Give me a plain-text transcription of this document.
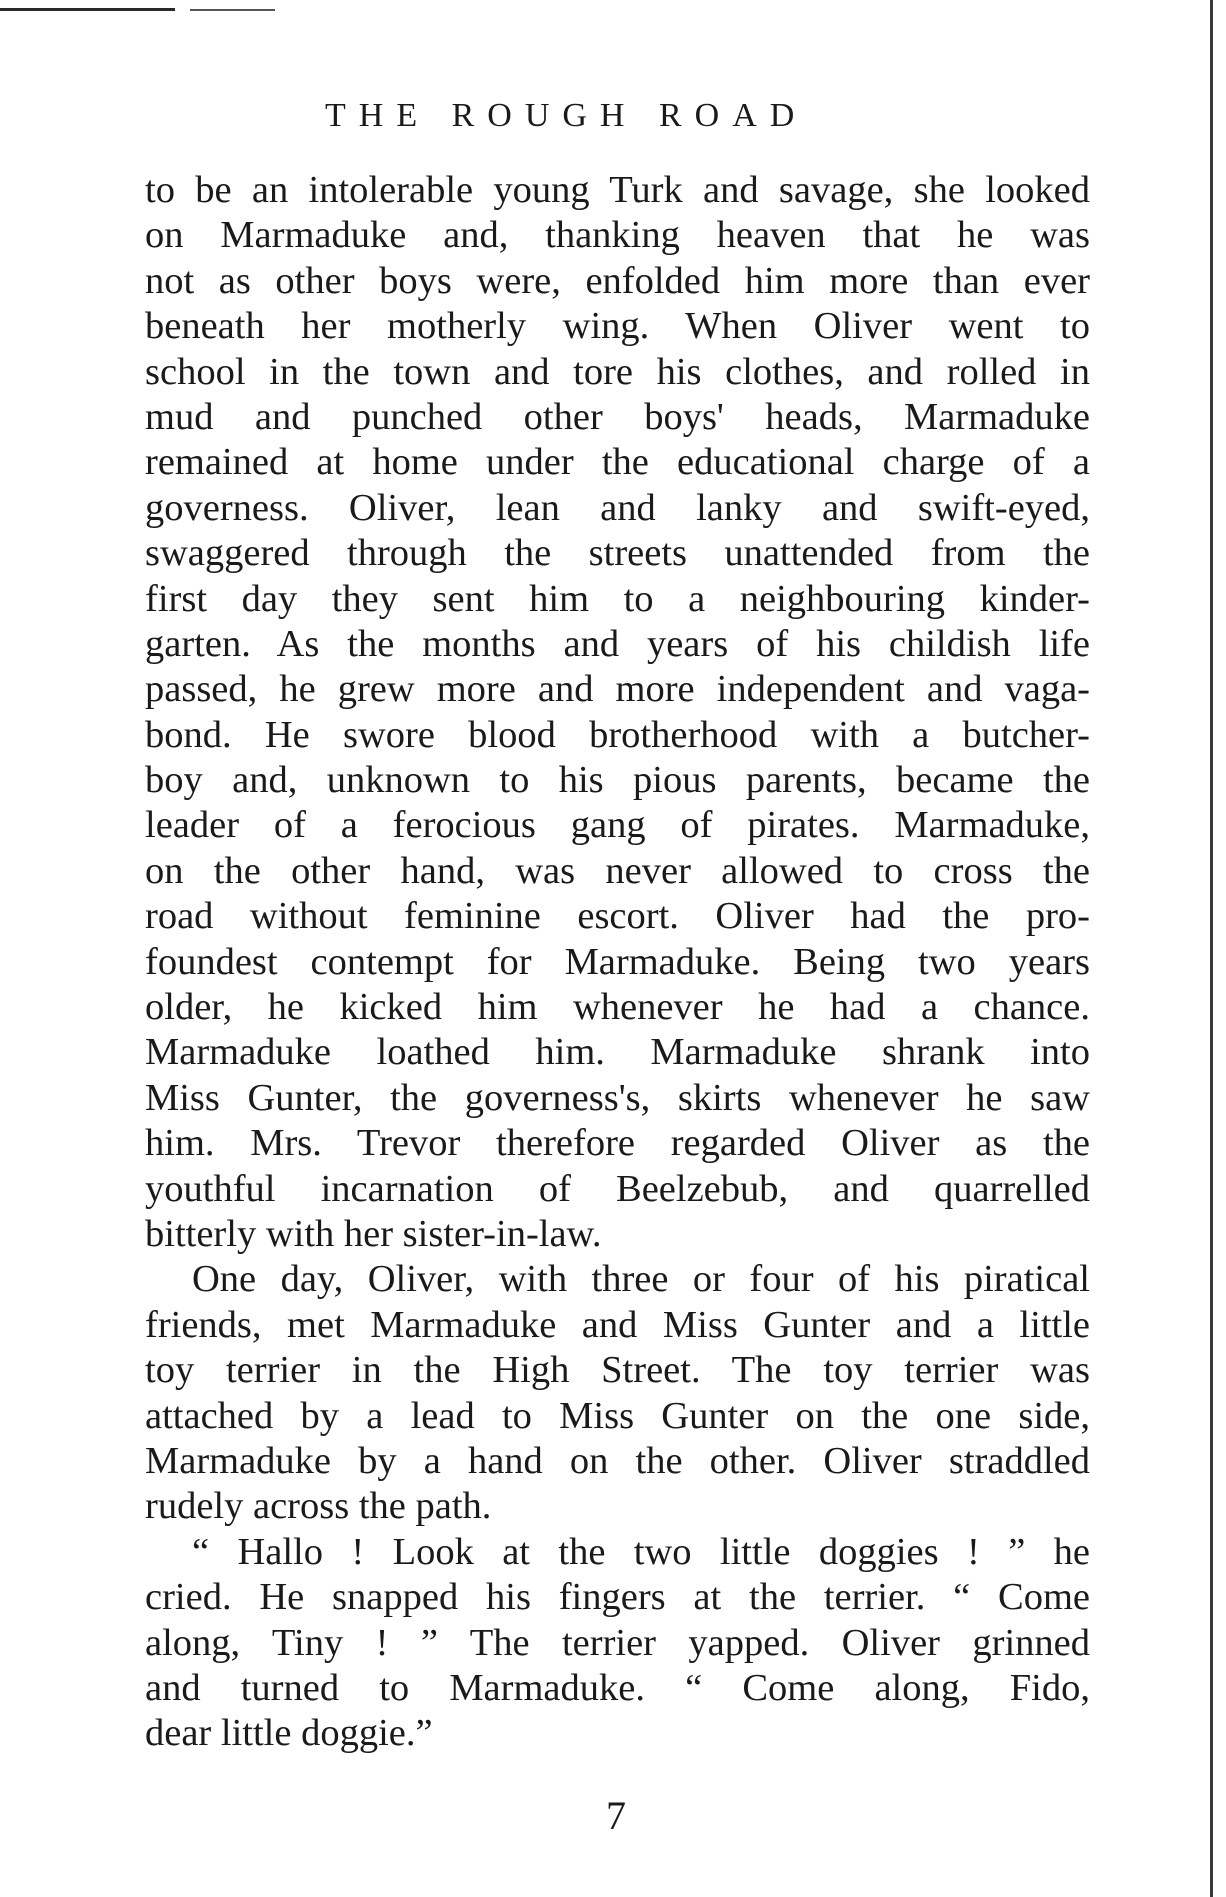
THE ROUGH ROAD
to be an intolerable young Turk and savage, she looked
on Marmaduke and, thanking heaven that he was
not as other boys were, enfolded him more than ever
beneath her motherly wing. When Oliver went to
school in the town and tore his clothes, and rolled in
mud and punched other boys' heads, Marmaduke
remained at home under the educational charge of a
governess. Oliver, lean and lanky and swift-eyed,
swaggered through the streets unattended from the
first day they sent him to a neighbouring kinder-
garten. As the months and years of his childish life
passed, he grew more and more independent and vaga-
bond. He swore blood brotherhood with a butcher-
boy and, unknown to his pious parents, became the
leader of a ferocious gang of pirates. Marmaduke,
on the other hand, was never allowed to cross the
road without feminine escort. Oliver had the pro-
foundest contempt for Marmaduke. Being two years
older, he kicked him whenever he had a chance.
Marmaduke loathed him. Marmaduke shrank into
Miss Gunter, the governess's, skirts whenever he saw
him. Mrs. Trevor therefore regarded Oliver as the
youthful incarnation of Beelzebub, and quarrelled
bitterly with her sister-in-law.
One day, Oliver, with three or four of his piratical
friends, met Marmaduke and Miss Gunter and a little
toy terrier in the High Street. The toy terrier was
attached by a lead to Miss Gunter on the one side,
Marmaduke by a hand on the other. Oliver straddled
rudely across the path.
“ Hallo ! Look at the two little doggies ! ” he
cried. He snapped his fingers at the terrier. “ Come
along, Tiny ! ” The terrier yapped. Oliver grinned
and turned to Marmaduke. “ Come along, Fido,
dear little doggie.”
7
